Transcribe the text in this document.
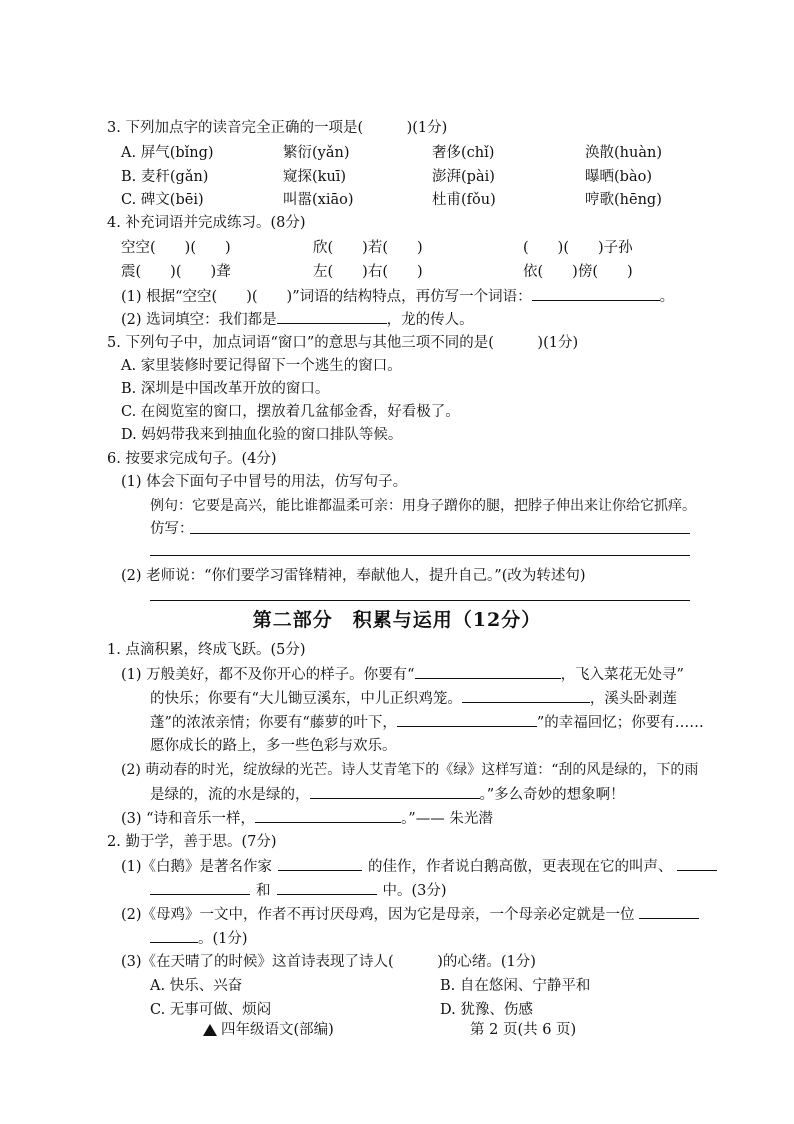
3. 下列加点字的读音完全正确的一项是(　　　)(1分)
A. 屏气(bǐng)	繁衍(yǎn)	奢侈(chǐ)	涣散(huàn)
B. 麦秆(gǎn)	窥探(kuī)	澎湃(pài)	曝晒(bào)
C. 碑文(bēi)	叫嚣(xiāo)	杜甫(fǒu)	哼歌(hēng)
4. 补充词语并完成练习。(8分)
空空(　　)(　　)	欣(　　)若(　　)	(　　)(　　)子孙
震(　　)(　　)聋	左(　　)右(　　)	依(　　)傍(　　)
(1) 根据“空空(　　)(　　)”词语的结构特点，再仿写一个词语：	。
(2) 选词填空：我们都是	，龙的传人。
5. 下列句子中，加点词语“窗口”的意思与其他三项不同的是(　　　)(1分)
A. 家里装修时要记得留下一个逃生的窗口。
B. 深圳是中国改革开放的窗口。
C. 在阅览室的窗口，摆放着几盆郁金香，好看极了。
D. 妈妈带我来到抽血化验的窗口排队等候。
6. 按要求完成句子。(4分)
(1) 体会下面句子中冒号的用法，仿写句子。
例句：它要是高兴，能比谁都温柔可亲：用身子蹭你的腿，把脖子伸出来让你给它抓痒。
仿写：
(2) 老师说：“你们要学习雷锋精神，奉献他人，提升自己。”(改为转述句)
第二部分　积累与运用（12分）
1. 点滴积累，终成飞跃。(5分)
(1) 万般美好，都不及你开心的样子。你要有“	，飞入菜花无处寻”
的快乐；你要有“大儿锄豆溪东，中儿正织鸡笼。	，溪头卧剥莲
蓬”的浓浓亲情；你要有“藤萝的叶下，	”的幸福回忆；你要有……
愿你成长的路上，多一些色彩与欢乐。
(2) 萌动春的时光，绽放绿的光芒。诗人艾青笔下的《绿》这样写道：“刮的风是绿的，下的雨
是绿的，流的水是绿的，	。”多么奇妙的想象啊！
(3) “诗和音乐一样，	。”—— 朱光潜
2. 勤于学，善于思。(7分)
(1)《白鹅》是著名作家	的佳作，作者说白鹅高傲，更表现在它的叫声、
和	中。(3分)
(2)《母鸡》一文中，作者不再讨厌母鸡，因为它是母亲，一个母亲必定就是一位
。(1分)
(3)《在天晴了的时候》这首诗表现了诗人(　　　)的心绪。(1分)
A. 快乐、兴奋	B. 自在悠闲、宁静平和
C. 无事可做、烦闷	D. 犹豫、伤感
四年级语文(部编)	第 2 页(共 6 页)
